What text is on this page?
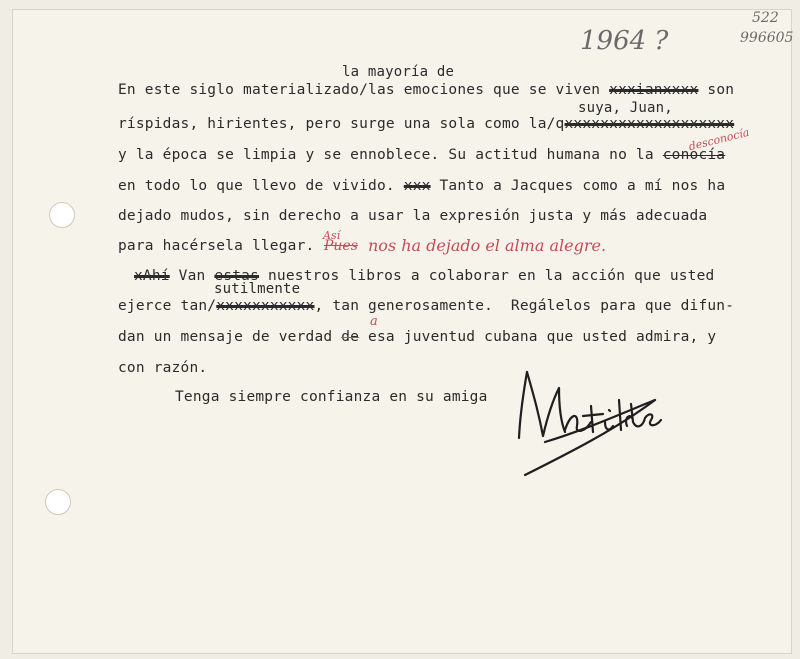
1964 ?
522
996605
la mayoría de
En este siglo materializado/las emociones que se viven xxxianxxxx son
suya, Juan,
ríspidas, hirientes, pero surge una sola como la/qxxxxxxxxxxxxxxxxxxx
desconocía
y la época se limpia y se ennoblece. Su actitud humana no la conocía
en todo lo que llevo de vivido. xxx Tanto a Jacques como a mí nos ha
dejado mudos, sin derecho a usar la expresión justa y más adecuada
para hacérsela llegar.
Así
Pues nos ha dejado el alma alegre.
xAhí Van estas nuestros libros a colaborar en la acción que usted
sutilmente
ejerce tan/xxxxxxxxxxx, tan generosamente.  Regálelos para que difun-
a
dan un mensaje de verdad de esa juventud cubana que usted admira, y
con razón.
Tenga siempre confianza en su amiga
